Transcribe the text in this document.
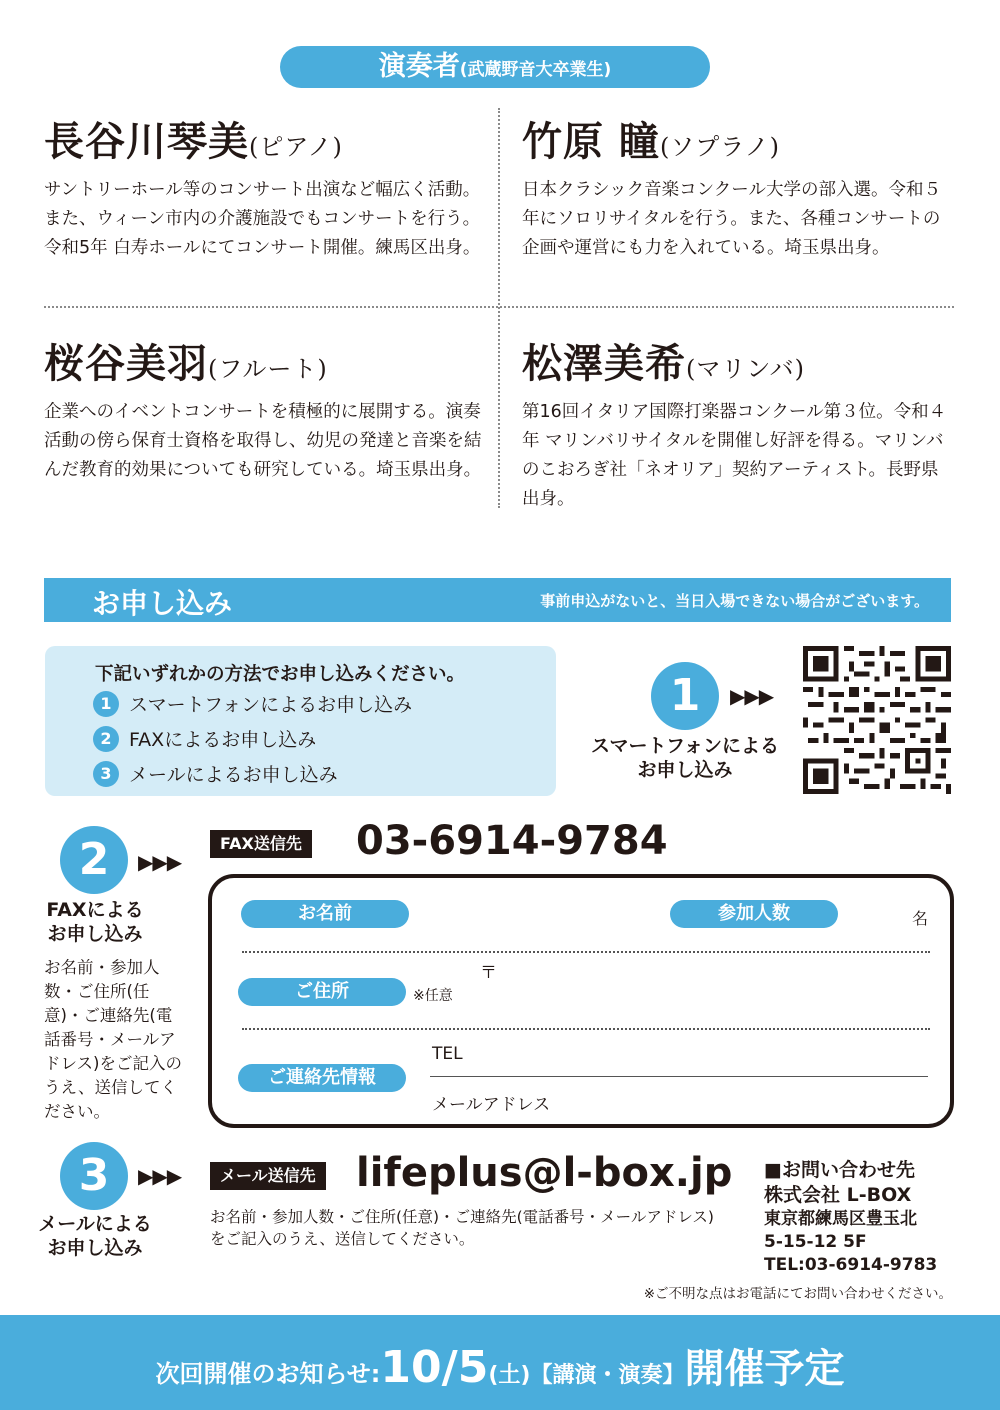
演奏者(武蔵野音大卒業生)
長谷川琴美(ピアノ)
サントリーホール等のコンサート出演など幅広く活動。また、ウィーン市内の介護施設でもコンサートを行う。令和5年 白寿ホールにてコンサート開催。練馬区出身。
竹原 瞳(ソプラノ)
日本クラシック音楽コンクール大学の部入選。令和５年にソロリサイタルを行う。また、各種コンサートの企画や運営にも力を入れている。埼玉県出身。
桜谷美羽(フルート)
企業へのイベントコンサートを積極的に展開する。演奏活動の傍ら保育士資格を取得し、幼児の発達と音楽を結んだ教育的効果についても研究している。埼玉県出身。
松澤美希(マリンバ)
第16回イタリア国際打楽器コンクール第３位。令和４年 マリンバリサイタルを開催し好評を得る。マリンバのこおろぎ社「ネオリア」契約アーティスト。長野県出身。
お申し込み	事前申込がないと、当日入場できない場合がございます。
下記いずれかの方法でお申し込みください。
1 スマートフォンによるお申し込み
2 FAXによるお申し込み
3 メールによるお申し込み
1	▶▶▶
スマートフォンによる
お申し込み
2	▶▶▶
FAXによる
お申し込み
お名前・参加人数・ご住所(任意)・ご連絡先(電話番号・メールアドレス)をご記入のうえ、送信してください。
FAX送信先 03-6914-9784
お名前	参加人数	名
〒
ご住所	※任意
ご連絡先情報
TEL
メールアドレス
3	▶▶▶
メールによる
お申し込み
メール送信先 lifeplus@l-box.jp
お名前・参加人数・ご住所(任意)・ご連絡先(電話番号・メールアドレス)
をご記入のうえ、送信してください。
■お問い合わせ先
株式会社 L-BOX
東京都練馬区豊玉北
5-15-12 5F
TEL:03-6914-9783
※ご不明な点はお電話にてお問い合わせください。
次回開催のお知らせ:10/5(土)【講演・演奏】開催予定
